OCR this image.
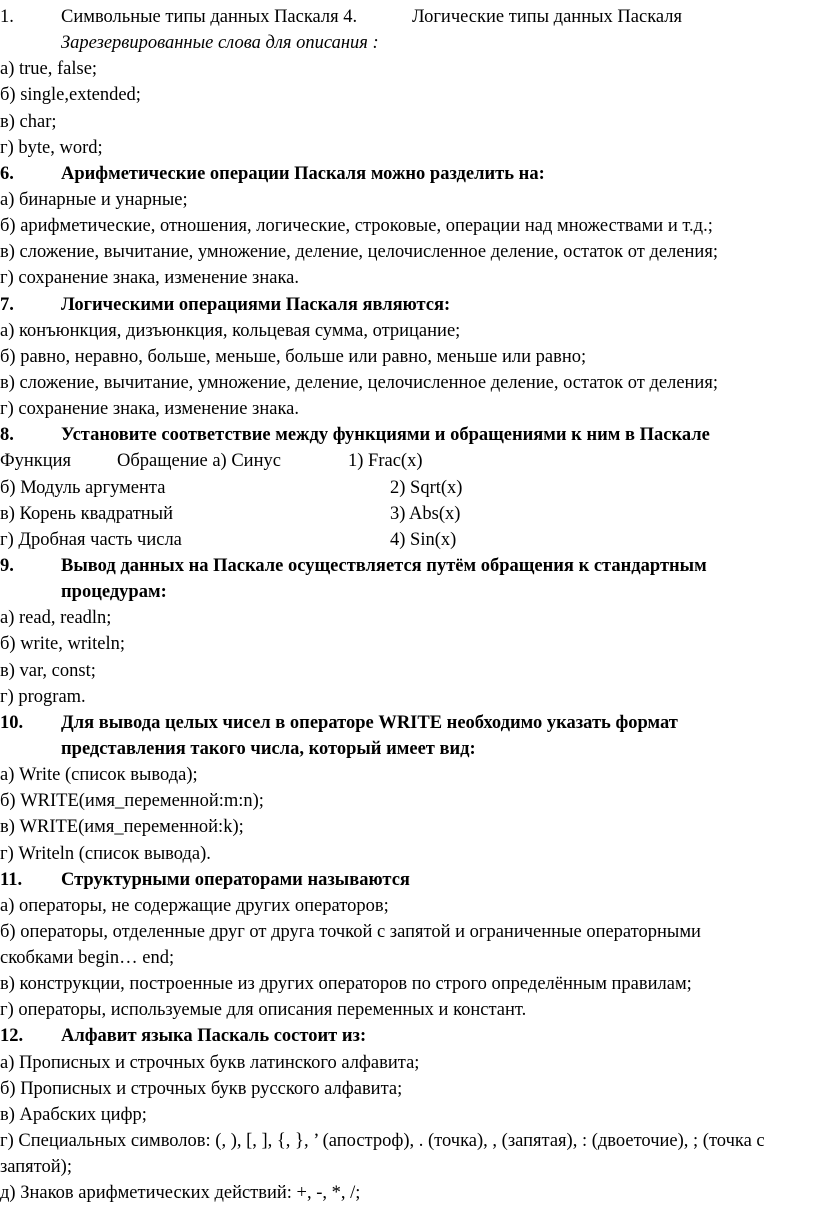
1.	Символьные типы данных Паскаля 4.	Логические типы данных Паскаля
Зарезервированные слова для описания :
а) true, false;
б) single,extended;
в) char;
г) byte, word;
6.	Арифметические операции Паскаля можно разделить на:
а) бинарные и унарные;
б) арифметические, отношения, логические, строковые, операции над множествами и т.д.;
в) сложение, вычитание, умножение, деление, целочисленное деление, остаток от деления;
г) сохранение знака, изменение знака.
7.	Логическими операциями Паскаля являются:
а) конъюнкция, дизъюнкция, кольцевая сумма, отрицание;
б) равно, неравно, больше, меньше, больше или равно, меньше или равно;
в) сложение, вычитание, умножение, деление, целочисленное деление, остаток от деления;
г) сохранение знака, изменение знака.
8.	Установите соответствие между функциями и обращениями к ним в Паскале
Функция Обращение а) Синус	1) Frac(x)
б) Модуль аргумента	2) Sqrt(x)
в) Корень квадратный	3) Abs(x)
г) Дробная часть числа	4) Sin(x)
9.	Вывод данных на Паскале осуществляется путём обращения к стандартным
процедурам:
а) read, readln;
б) write, writeln;
в) var, const;
г) program.
10. Для вывода целых чисел в операторе WRITE необходимо указать формат
представления такого числа, который имеет вид:
а) Write (список вывода);
б) WRITE(имя_переменной:m:n);
в) WRITE(имя_переменной:k);
г) Writeln (список вывода).
11. Структурными операторами называются
а) операторы, не содержащие других операторов;
б) операторы, отделенные друг от друга точкой с запятой и ограниченные операторными
скобками begin… end;
в) конструкции, построенные из других операторов по строго определённым правилам;
г) операторы, используемые для описания переменных и констант.
12. Алфавит языка Паскаль состоит из:
а) Прописных и строчных букв латинского алфавита;
б) Прописных и строчных букв русского алфавита;
в) Арабских цифр;
г) Специальных символов: (, ), [, ], {, }, ’ (апостроф), . (точка), , (запятая), : (двоеточие), ; (точка с
запятой);
д) Знаков арифметических действий: +, -, *, /;
